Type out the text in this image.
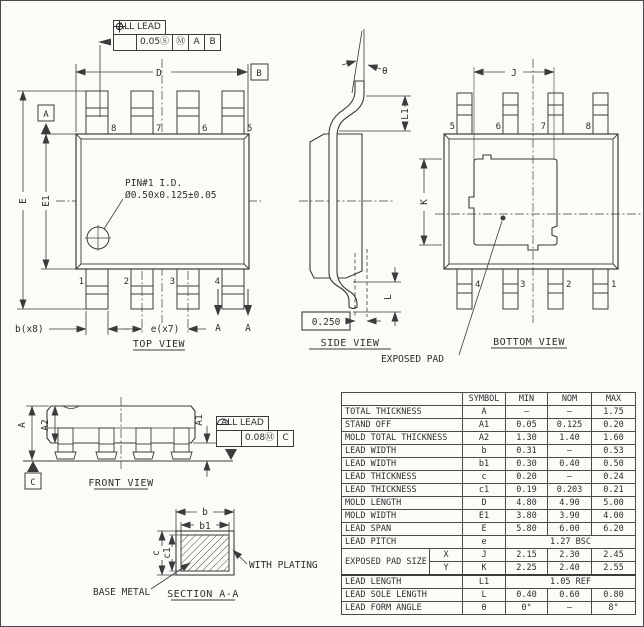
D	B
A
E E1
8	7	6	5
1	2	3	4
PIN#1 I.D.
Ø0.50x0.125±0.05
b(x8)	e(x7)	A	A
TOP VIEW
θ
L1
L
0.250
SIDE VIEW
J
K
5	6	7	8
4	3	2	1
EXPOSED PAD
BOTTOM VIEW
A A2	A1
C	FRONT VIEW
b
b1
c c1
WITH PLATING
BASE METAL SECTION A-A
ALL LEAD
0.05Ⓢ Ⓜ A	B
ALL LEAD
0.08Ⓜ C
		SYMBOL	MIN	NOM	MAX
TOTAL THICKNESS		A	–	–	1.75
STAND OFF		A1	0.05	0.125	0.20
MOLD TOTAL THICKNESS		A2	1.30	1.40	1.60
LEAD WIDTH		b	0.31	–	0.53
LEAD WIDTH		b1	0.30	0.40	0.50
LEAD THICKNESS		c	0.20	–	0.24
LEAD THICKNESS		c1	0.19	0.203	0.21
MOLD LENGTH		D	4.80	4.90	5.00
MOLD WIDTH		E1	3.80	3.90	4.00
LEAD SPAN		E	5.80	6.00	6.20
LEAD PITCH		e	1.27 BSC		
EXPOSED PAD SIZE	X	J	2.15	2.30	2.45
	Y	K	2.25	2.40	2.55
LEAD LENGTH		L1	1.05 REF		
LEAD SOLE LENGTH		L	0.40	0.60	0.80
LEAD FORM ANGLE		θ	0°	–	8°
